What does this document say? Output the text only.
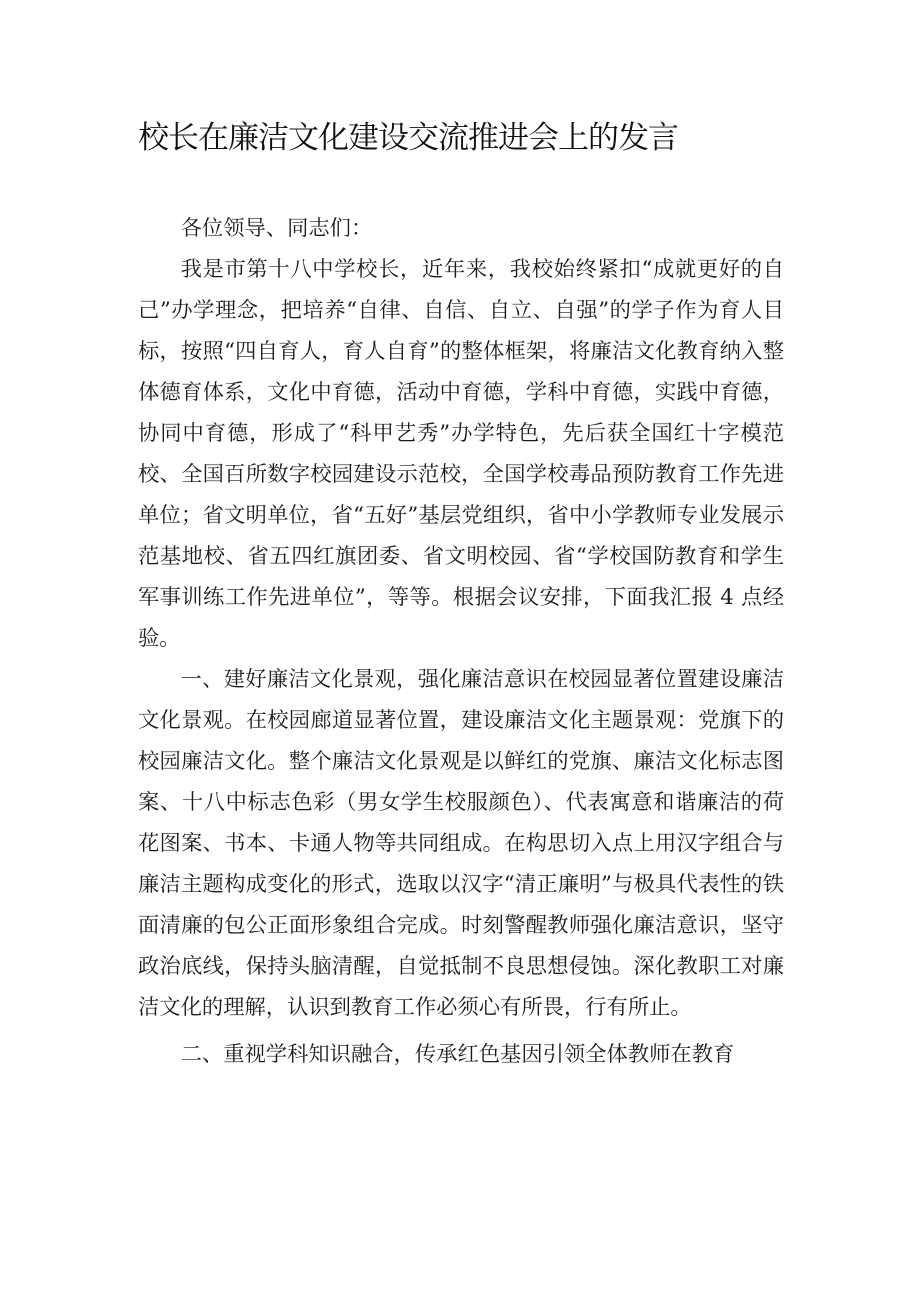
校长在廉洁文化建设交流推进会上的发言

各位领导、同志们：

我是市第十八中学校长，近年来，我校始终紧扣“成就更好的自己”办学理念，把培养“自律、自信、自立、自强”的学子作为育人目标，按照“四自育人，育人自育”的整体框架，将廉洁文化教育纳入整体德育体系，文化中育德，活动中育德，学科中育德，实践中育德，协同中育德，形成了“科甲艺秀”办学特色，先后获全国红十字模范校、全国百所数字校园建设示范校，全国学校毒品预防教育工作先进单位；省文明单位，省“五好”基层党组织，省中小学教师专业发展示范基地校、省五四红旗团委、省文明校园、省“学校国防教育和学生军事训练工作先进单位”，等等。根据会议安排，下面我汇报 4 点经验。

一、建好廉洁文化景观，强化廉洁意识在校园显著位置建设廉洁文化景观。在校园廊道显著位置，建设廉洁文化主题景观：党旗下的校园廉洁文化。整个廉洁文化景观是以鲜红的党旗、廉洁文化标志图案、十八中标志色彩（男女学生校服颜色）、代表寓意和谐廉洁的荷花图案、书本、卡通人物等共同组成。在构思切入点上用汉字组合与廉洁主题构成变化的形式，选取以汉字“清正廉明”与极具代表性的铁面清廉的包公正面形象组合完成。时刻警醒教师强化廉洁意识，坚守政治底线，保持头脑清醒，自觉抵制不良思想侵蚀。深化教职工对廉洁文化的理解，认识到教育工作必须心有所畏，行有所止。

二、重视学科知识融合，传承红色基因引领全体教师在教育
